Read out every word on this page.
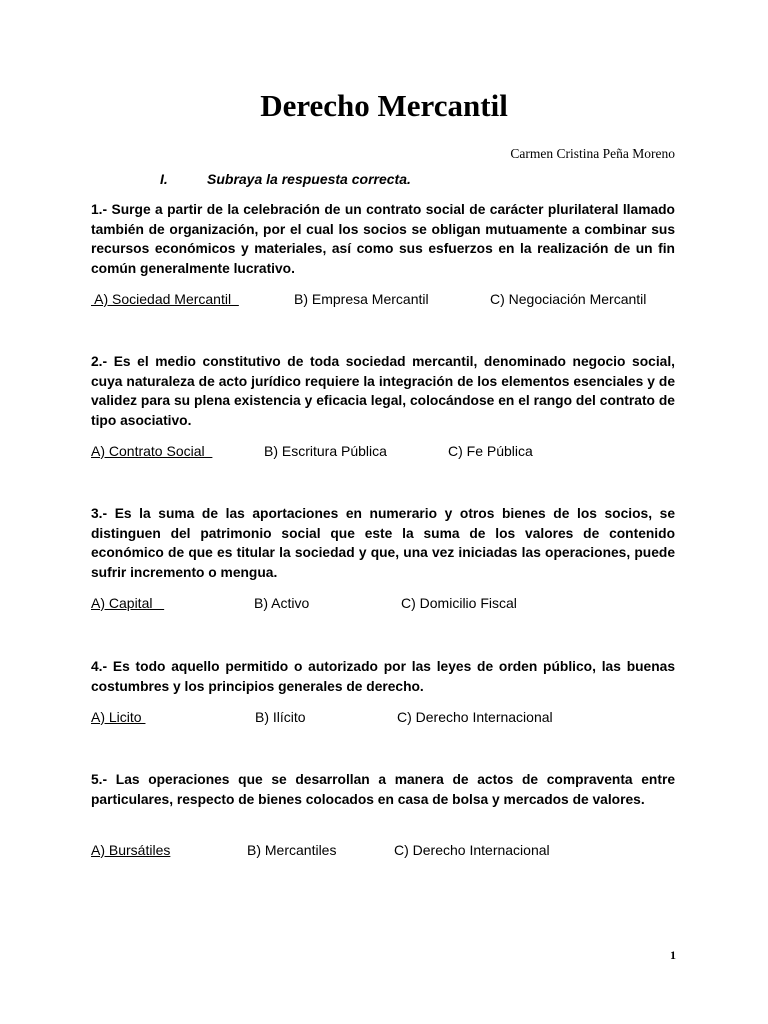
Derecho Mercantil
Carmen Cristina Peña Moreno
I.	Subraya la respuesta correcta.
1.- Surge a partir de la celebración de un contrato social de carácter plurilateral llamado también de organización, por el cual los socios se obligan mutuamente a combinar sus recursos económicos y materiales, así como sus esfuerzos en la realización de un fin común generalmente lucrativo.
A) Sociedad Mercantil	B) Empresa Mercantil	C) Negociación Mercantil
2.- Es el medio constitutivo de toda sociedad mercantil, denominado negocio social, cuya naturaleza de acto jurídico requiere la integración de los elementos esenciales y de validez para su plena existencia y eficacia legal, colocándose en el rango del contrato de tipo asociativo.
A) Contrato Social	B) Escritura Pública	C) Fe Pública
3.- Es la suma de las aportaciones en numerario y otros bienes de los socios, se distinguen del patrimonio social que este la suma de los valores de contenido económico de que es titular la sociedad y que, una vez iniciadas las operaciones, puede sufrir incremento o mengua.
A) Capital	B) Activo	C) Domicilio Fiscal
4.- Es todo aquello permitido o autorizado por las leyes de orden público, las buenas costumbres y los principios generales de derecho.
A) Licito	B) Ilícito	C) Derecho Internacional
5.- Las operaciones que se desarrollan a manera de actos de compraventa entre particulares, respecto de bienes colocados en casa de bolsa y mercados de valores.
A) Bursátiles	B) Mercantiles	C) Derecho Internacional
1
